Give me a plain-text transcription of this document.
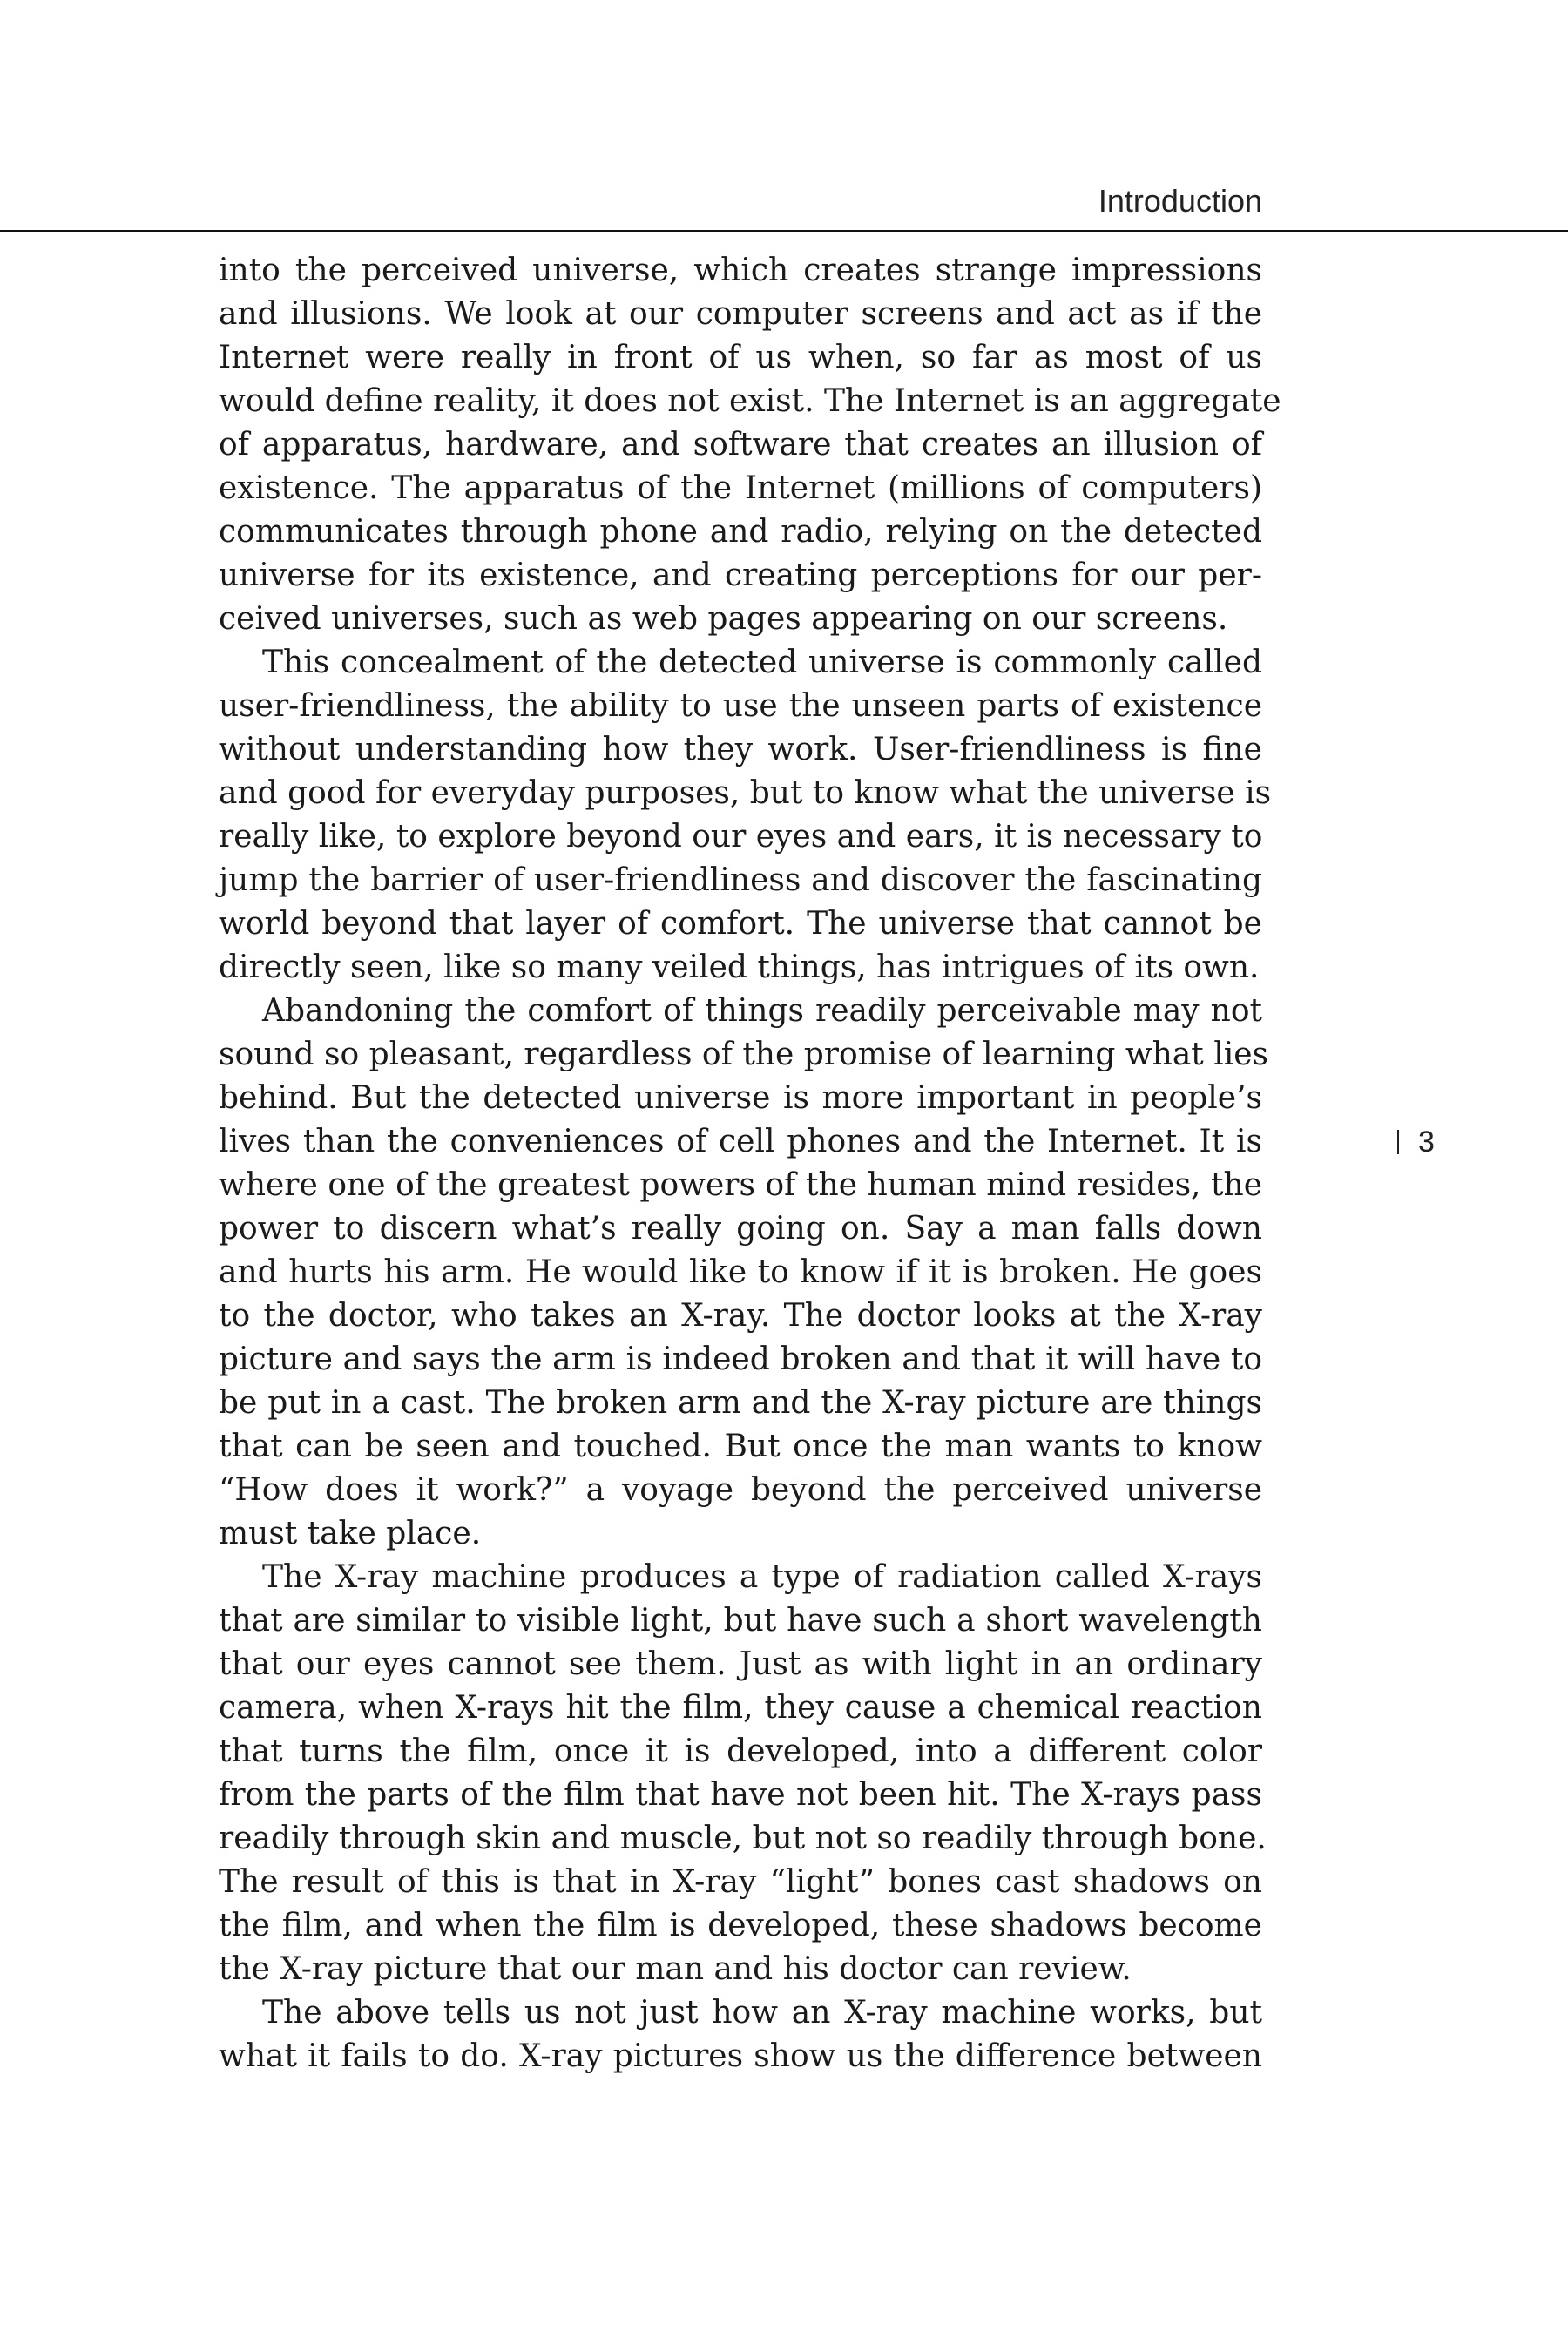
Introduction
3
into the perceived universe, which creates strange impressions
and illusions. We look at our computer screens and act as if the
Internet were really in front of us when, so far as most of us
would define reality, it does not exist. The Internet is an aggregate
of apparatus, hardware, and software that creates an illusion of
existence. The apparatus of the Internet (millions of computers)
communicates through phone and radio, relying on the detected
universe for its existence, and creating perceptions for our per-
ceived universes, such as web pages appearing on our screens.
This concealment of the detected universe is commonly called
user-friendliness, the ability to use the unseen parts of existence
without understanding how they work. User-friendliness is fine
and good for everyday purposes, but to know what the universe is
really like, to explore beyond our eyes and ears, it is necessary to
jump the barrier of user-friendliness and discover the fascinating
world beyond that layer of comfort. The universe that cannot be
directly seen, like so many veiled things, has intrigues of its own.
Abandoning the comfort of things readily perceivable may not
sound so pleasant, regardless of the promise of learning what lies
behind. But the detected universe is more important in people’s
lives than the conveniences of cell phones and the Internet. It is
where one of the greatest powers of the human mind resides, the
power to discern what’s really going on. Say a man falls down
and hurts his arm. He would like to know if it is broken. He goes
to the doctor, who takes an X-ray. The doctor looks at the X-ray
picture and says the arm is indeed broken and that it will have to
be put in a cast. The broken arm and the X-ray picture are things
that can be seen and touched. But once the man wants to know
“How does it work?” a voyage beyond the perceived universe
must take place.
The X-ray machine produces a type of radiation called X-rays
that are similar to visible light, but have such a short wavelength
that our eyes cannot see them. Just as with light in an ordinary
camera, when X-rays hit the film, they cause a chemical reaction
that turns the film, once it is developed, into a different color
from the parts of the film that have not been hit. The X-rays pass
readily through skin and muscle, but not so readily through bone.
The result of this is that in X-ray “light” bones cast shadows on
the film, and when the film is developed, these shadows become
the X-ray picture that our man and his doctor can review.
The above tells us not just how an X-ray machine works, but
what it fails to do. X-ray pictures show us the difference between
